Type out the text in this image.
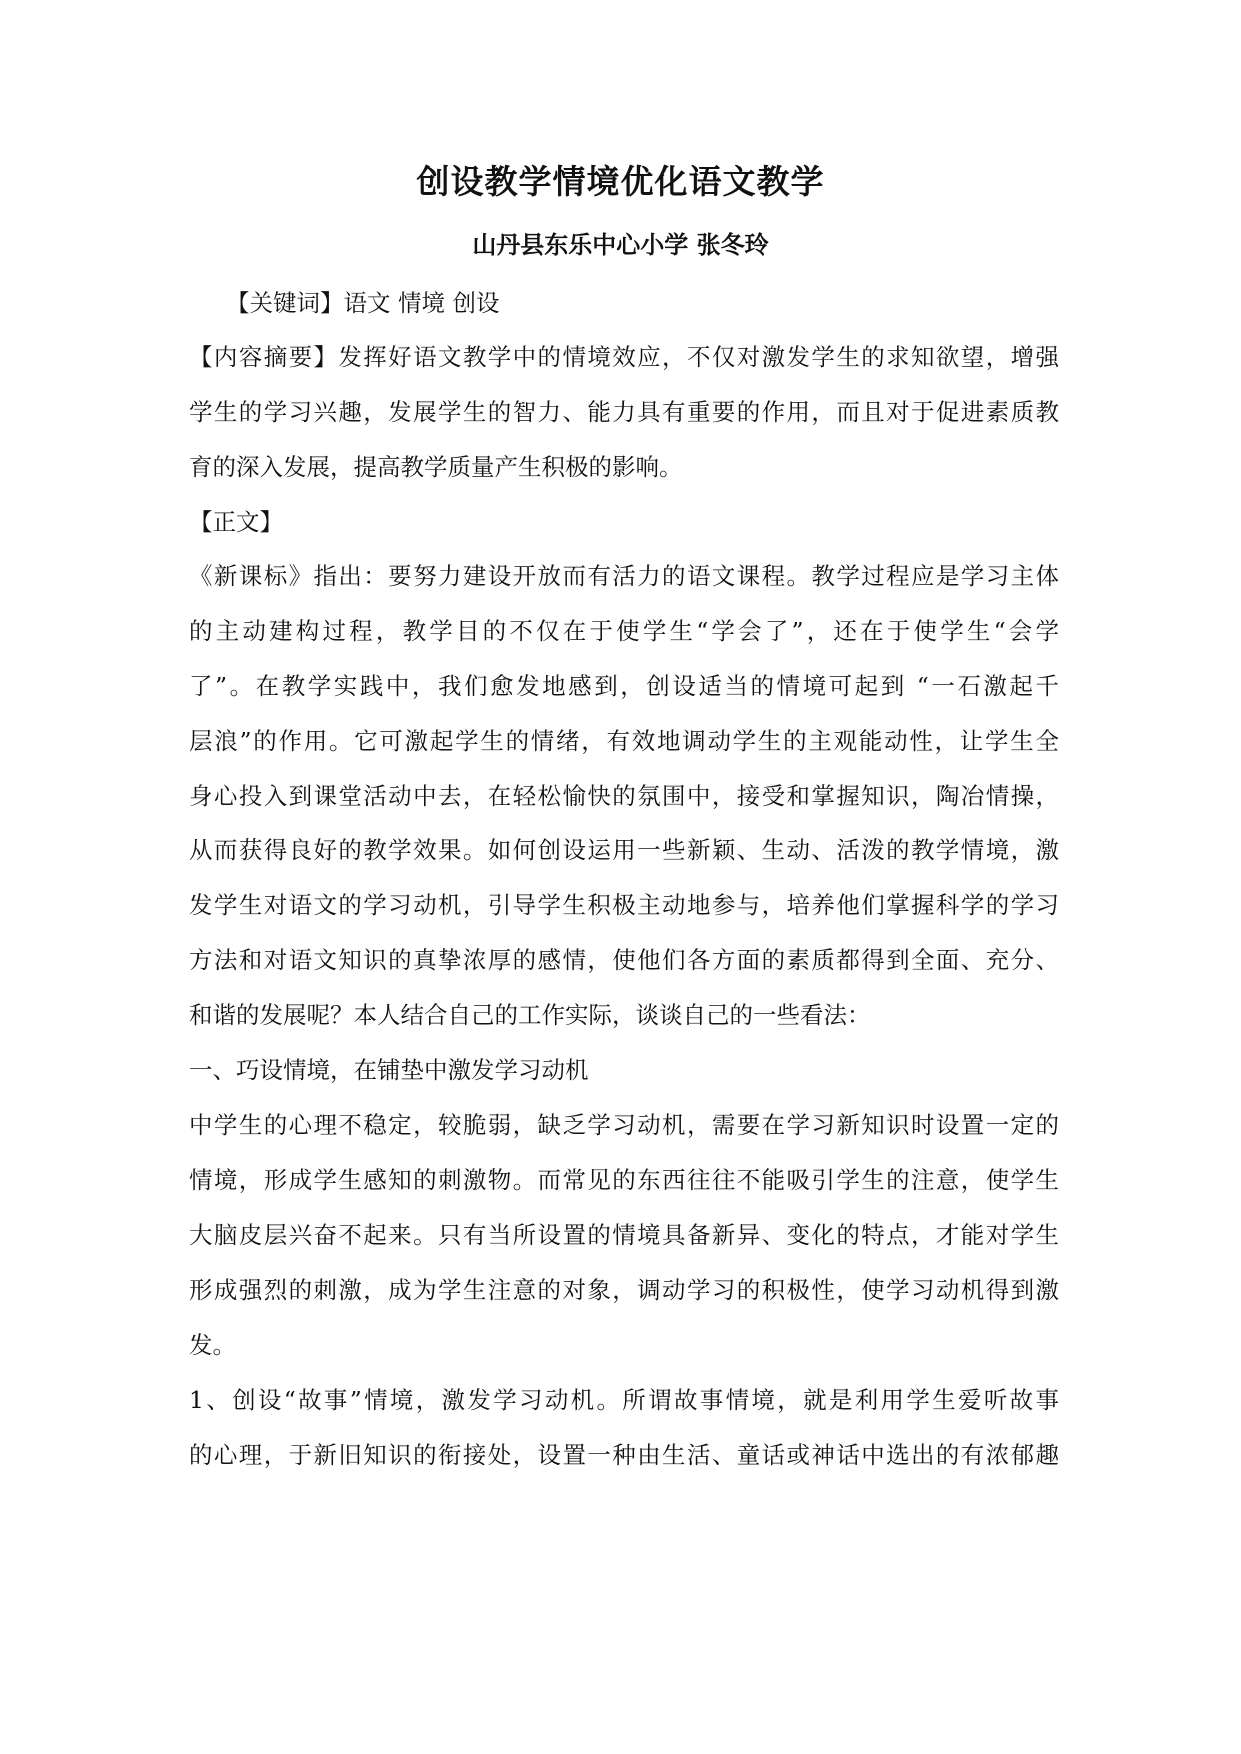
创设教学情境优化语文教学
山丹县东乐中心小学 张冬玲
【关键词】语文 情境 创设
【内容摘要】发挥好语文教学中的情境效应，不仅对激发学生的求知欲望，增强
学生的学习兴趣，发展学生的智力、能力具有重要的作用，而且对于促进素质教
育的深入发展，提高教学质量产生积极的影响。
【正文】
《新课标》指出：要努力建设开放而有活力的语文课程。教学过程应是学习主体
的主动建构过程，教学目的不仅在于使学生“学会了”，还在于使学生“会学
了”。在教学实践中，我们愈发地感到，创设适当的情境可起到 “一石激起千
层浪”的作用。它可激起学生的情绪，有效地调动学生的主观能动性，让学生全
身心投入到课堂活动中去，在轻松愉快的氛围中，接受和掌握知识，陶冶情操，
从而获得良好的教学效果。如何创设运用一些新颖、生动、活泼的教学情境，激
发学生对语文的学习动机，引导学生积极主动地参与，培养他们掌握科学的学习
方法和对语文知识的真挚浓厚的感情，使他们各方面的素质都得到全面、充分、
和谐的发展呢？本人结合自己的工作实际，谈谈自己的一些看法：
一、巧设情境，在铺垫中激发学习动机
中学生的心理不稳定，较脆弱，缺乏学习动机，需要在学习新知识时设置一定的
情境，形成学生感知的刺激物。而常见的东西往往不能吸引学生的注意，使学生
大脑皮层兴奋不起来。只有当所设置的情境具备新异、变化的特点，才能对学生
形成强烈的刺激，成为学生注意的对象，调动学习的积极性，使学习动机得到激
发。
1、创设“故事”情境，激发学习动机。所谓故事情境，就是利用学生爱听故事
的心理，于新旧知识的衔接处，设置一种由生活、童话或神话中选出的有浓郁趣
